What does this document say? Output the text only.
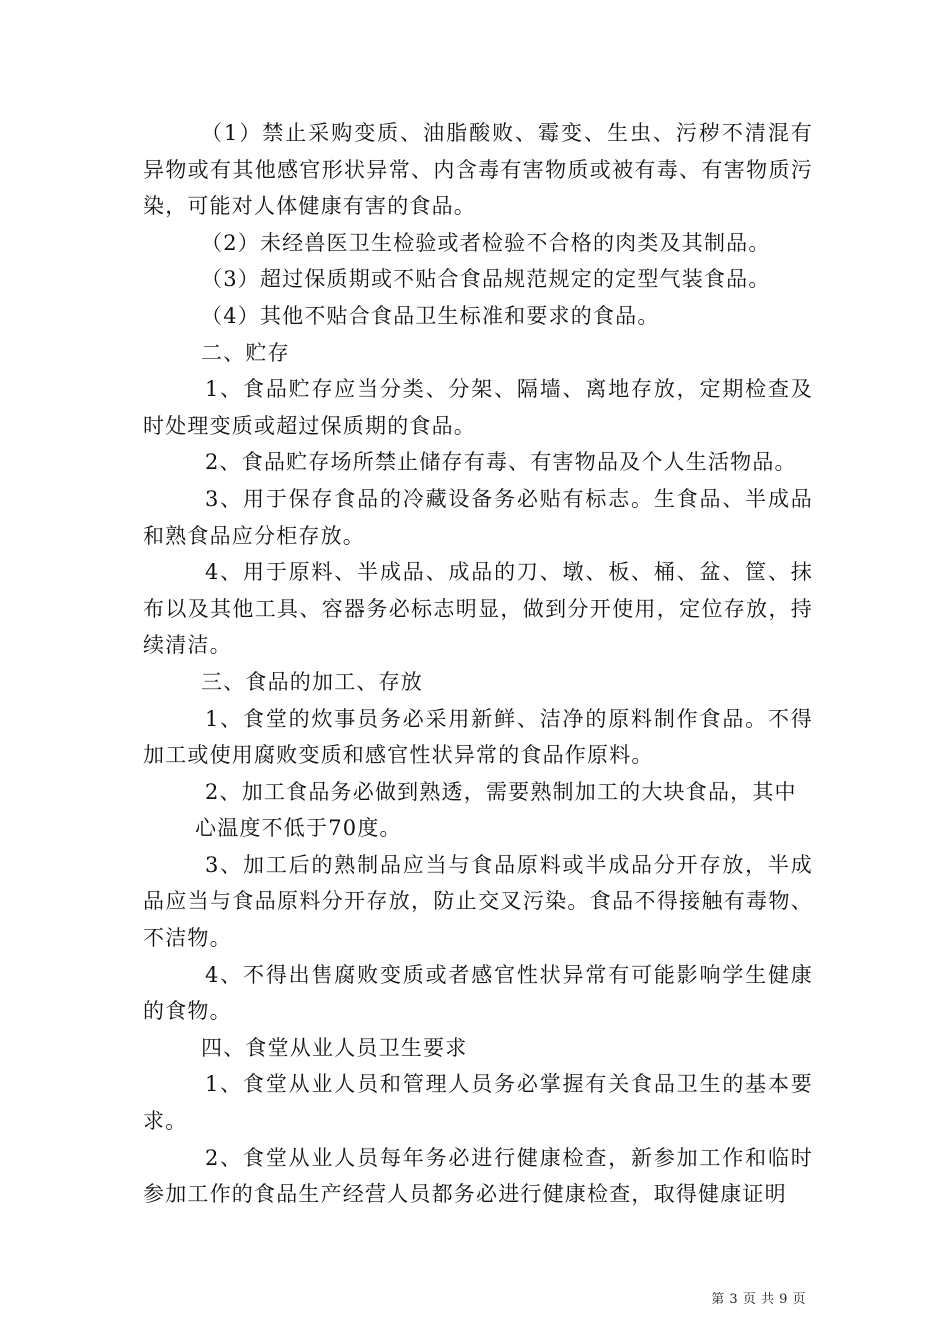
（1）禁止采购变质、油脂酸败、霉变、生虫、污秽不清混有异物或有其他感官形状异常、内含毒有害物质或被有毒、有害物质污染，可能对人体健康有害的食品。

（2）未经兽医卫生检验或者检验不合格的肉类及其制品。

（3）超过保质期或不贴合食品规范规定的定型气装食品。

（4）其他不贴合食品卫生标准和要求的食品。

二、贮存

1、食品贮存应当分类、分架、隔墙、离地存放，定期检查及时处理变质或超过保质期的食品。

2、食品贮存场所禁止储存有毒、有害物品及个人生活物品。

3、用于保存食品的冷藏设备务必贴有标志。生食品、半成品和熟食品应分柜存放。

4、用于原料、半成品、成品的刀、墩、板、桶、盆、筐、抹布以及其他工具、容器务必标志明显，做到分开使用，定位存放，持续清洁。

三、食品的加工、存放

1、食堂的炊事员务必采用新鲜、洁净的原料制作食品。不得加工或使用腐败变质和感官性状异常的食品作原料。

2、加工食品务必做到熟透，需要熟制加工的大块食品，其中

心温度不低于70度。

3、加工后的熟制品应当与食品原料或半成品分开存放，半成品应当与食品原料分开存放，防止交叉污染。食品不得接触有毒物、不洁物。

4、不得出售腐败变质或者感官性状异常有可能影响学生健康的食物。

四、食堂从业人员卫生要求

1、食堂从业人员和管理人员务必掌握有关食品卫生的基本要求。

2、食堂从业人员每年务必进行健康检查，新参加工作和临时参加工作的食品生产经营人员都务必进行健康检查，取得健康证明

第 3 页 共 9 页
